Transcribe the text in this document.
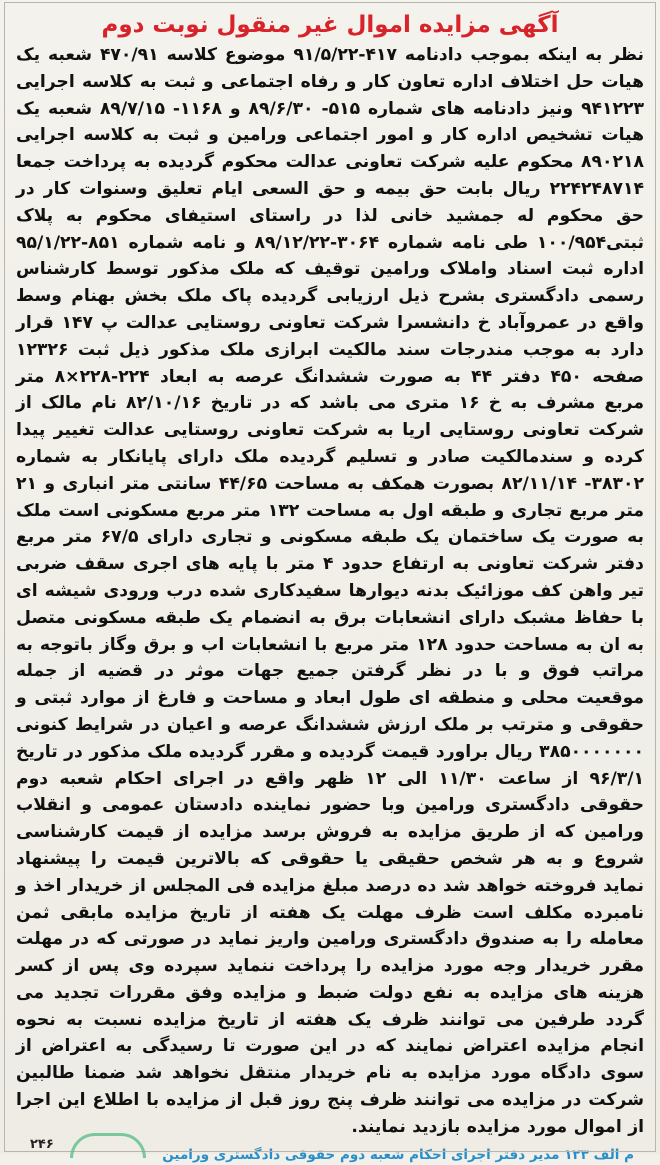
آگهی مزایده اموال غیر منقول نوبت دوم

نظر به اینکه بموجب دادنامه ۴۱۷-۹۱/۵/۲۲ موضوع کلاسه ۴۷۰/۹۱ شعبه یک هیات حل اختلاف اداره تعاون کار و رفاه اجتماعی و ثبت به کلاسه اجرایی ۹۴۱۲۲۳ ونیز دادنامه های شماره ۵۱۵- ۸۹/۶/۳۰ و ۱۱۶۸- ۸۹/۷/۱۵ شعبه یک هیات تشخیص اداره کار و امور اجتماعی ورامین و ثبت به کلاسه اجرایی ۸۹۰۲۱۸ محکوم علیه شرکت تعاونی عدالت محکوم گردیده به پرداخت جمعا ۲۲۴۲۴۸۷۱۴ ریال بابت حق بیمه و حق السعی ایام تعلیق وسنوات کار در حق محکوم له جمشید خانی لذا در راستای استیفای محکوم به پلاک ثبتی۱۰۰/۹۵۴ طی نامه شماره ۳۰۶۴-۸۹/۱۲/۲۲ و نامه شماره ۸۵۱-۹۵/۱/۲۲ اداره ثبت اسناد واملاک ورامین توقیف که ملک مذکور توسط کارشناس رسمی دادگستری بشرح ذیل ارزیابی گردیده پاک ملک بخش بهنام وسط واقع در عمروآباد خ دانشسرا شرکت تعاونی روستایی عدالت پ ۱۴۷ قرار دارد به موجب مندرجات سند مالکیت ابرازی ملک مذکور ذیل ثبت ۱۲۳۲۶ صفحه ۴۵۰ دفتر ۴۴ به صورت ششدانگ عرصه به ابعاد ۲۲۴-۲۲۸×۸ متر مربع مشرف به خ ۱۶ متری می باشد که در تاریخ ۸۲/۱۰/۱۶ نام مالک از شرکت تعاونی روستایی اریا به شرکت تعاونی روستایی عدالت تغییر پیدا کرده و سندمالکیت صادر و تسلیم گردیده ملک دارای پایانکار به شماره ۳۸۳۰۲- ۸۲/۱۱/۱۴ بصورت همکف به مساحت ۴۴/۶۵ سانتی متر انباری و ۲۱ متر مربع تجاری و طبقه اول به مساحت ۱۳۲ متر مربع مسکونی است ملک به صورت یک ساختمان یک طبقه مسکونی و تجاری دارای ۶۷/۵ متر مربع دفتر شرکت تعاونی به ارتفاع حدود ۴ متر با پایه های اجری سقف ضربی تیر واهن کف موزائیک بدنه دیوارها سفیدکاری شده درب ورودی شیشه ای با حفاظ مشبک دارای انشعابات برق به انضمام یک طبقه مسکونی متصل به ان به مساحت حدود ۱۲۸ متر مربع با انشعابات اب و برق وگاز باتوجه به مراتب فوق و با در نظر گرفتن جمیع جهات موثر در قضیه از جمله موقعیت محلی و منطقه ای طول ابعاد و مساحت و فارغ از موارد ثبتی و حقوقی و مترتب بر ملک ارزش ششدانگ عرصه و اعیان در شرایط کنونی ۳۸۵۰۰۰۰۰۰۰ ریال براورد قیمت گردیده و مقرر گردیده ملک مذکور در تاریخ ۹۶/۳/۱ از ساعت ۱۱/۳۰ الی ۱۲ ظهر واقع در اجرای احکام شعبه دوم حقوقی دادگستری ورامین وبا حضور نماینده دادستان عمومی و انقلاب ورامین که از طریق مزایده به فروش برسد مزایده از قیمت کارشناسی شروع و به هر شخص حقیقی یا حقوقی که بالاترین قیمت را پیشنهاد نماید فروخته خواهد شد ده درصد مبلغ مزایده فی المجلس از خریدار اخذ و نامبرده مکلف است ظرف مهلت یک هفته از تاریخ مزایده مابقی ثمن معامله را به صندوق دادگستری ورامین واریز نماید در صورتی که در مهلت مقرر خریدار وجه مورد مزایده را پرداخت ننماید سپرده وی پس از کسر هزینه های مزایده به نفع دولت ضبط و مزایده وفق مقررات تجدید می گردد طرفین می توانند ظرف یک هفته از تاریخ مزایده نسبت به نحوه انجام مزایده اعتراض نمایند که در این صورت تا رسیدگی به اعتراض از سوی دادگاه مورد مزایده به نام خریدار منتقل نخواهد شد ضمنا طالبین شرکت در مزایده می توانند ظرف پنج روز قبل از مزایده با اطلاع این اجرا از اموال مورد مزایده بازدید نمایند.

م الف ۱۲۳ مدیر دفتر اجرای احکام شعبه دوم حقوقی دادگستری ورامین
۲۴۶
